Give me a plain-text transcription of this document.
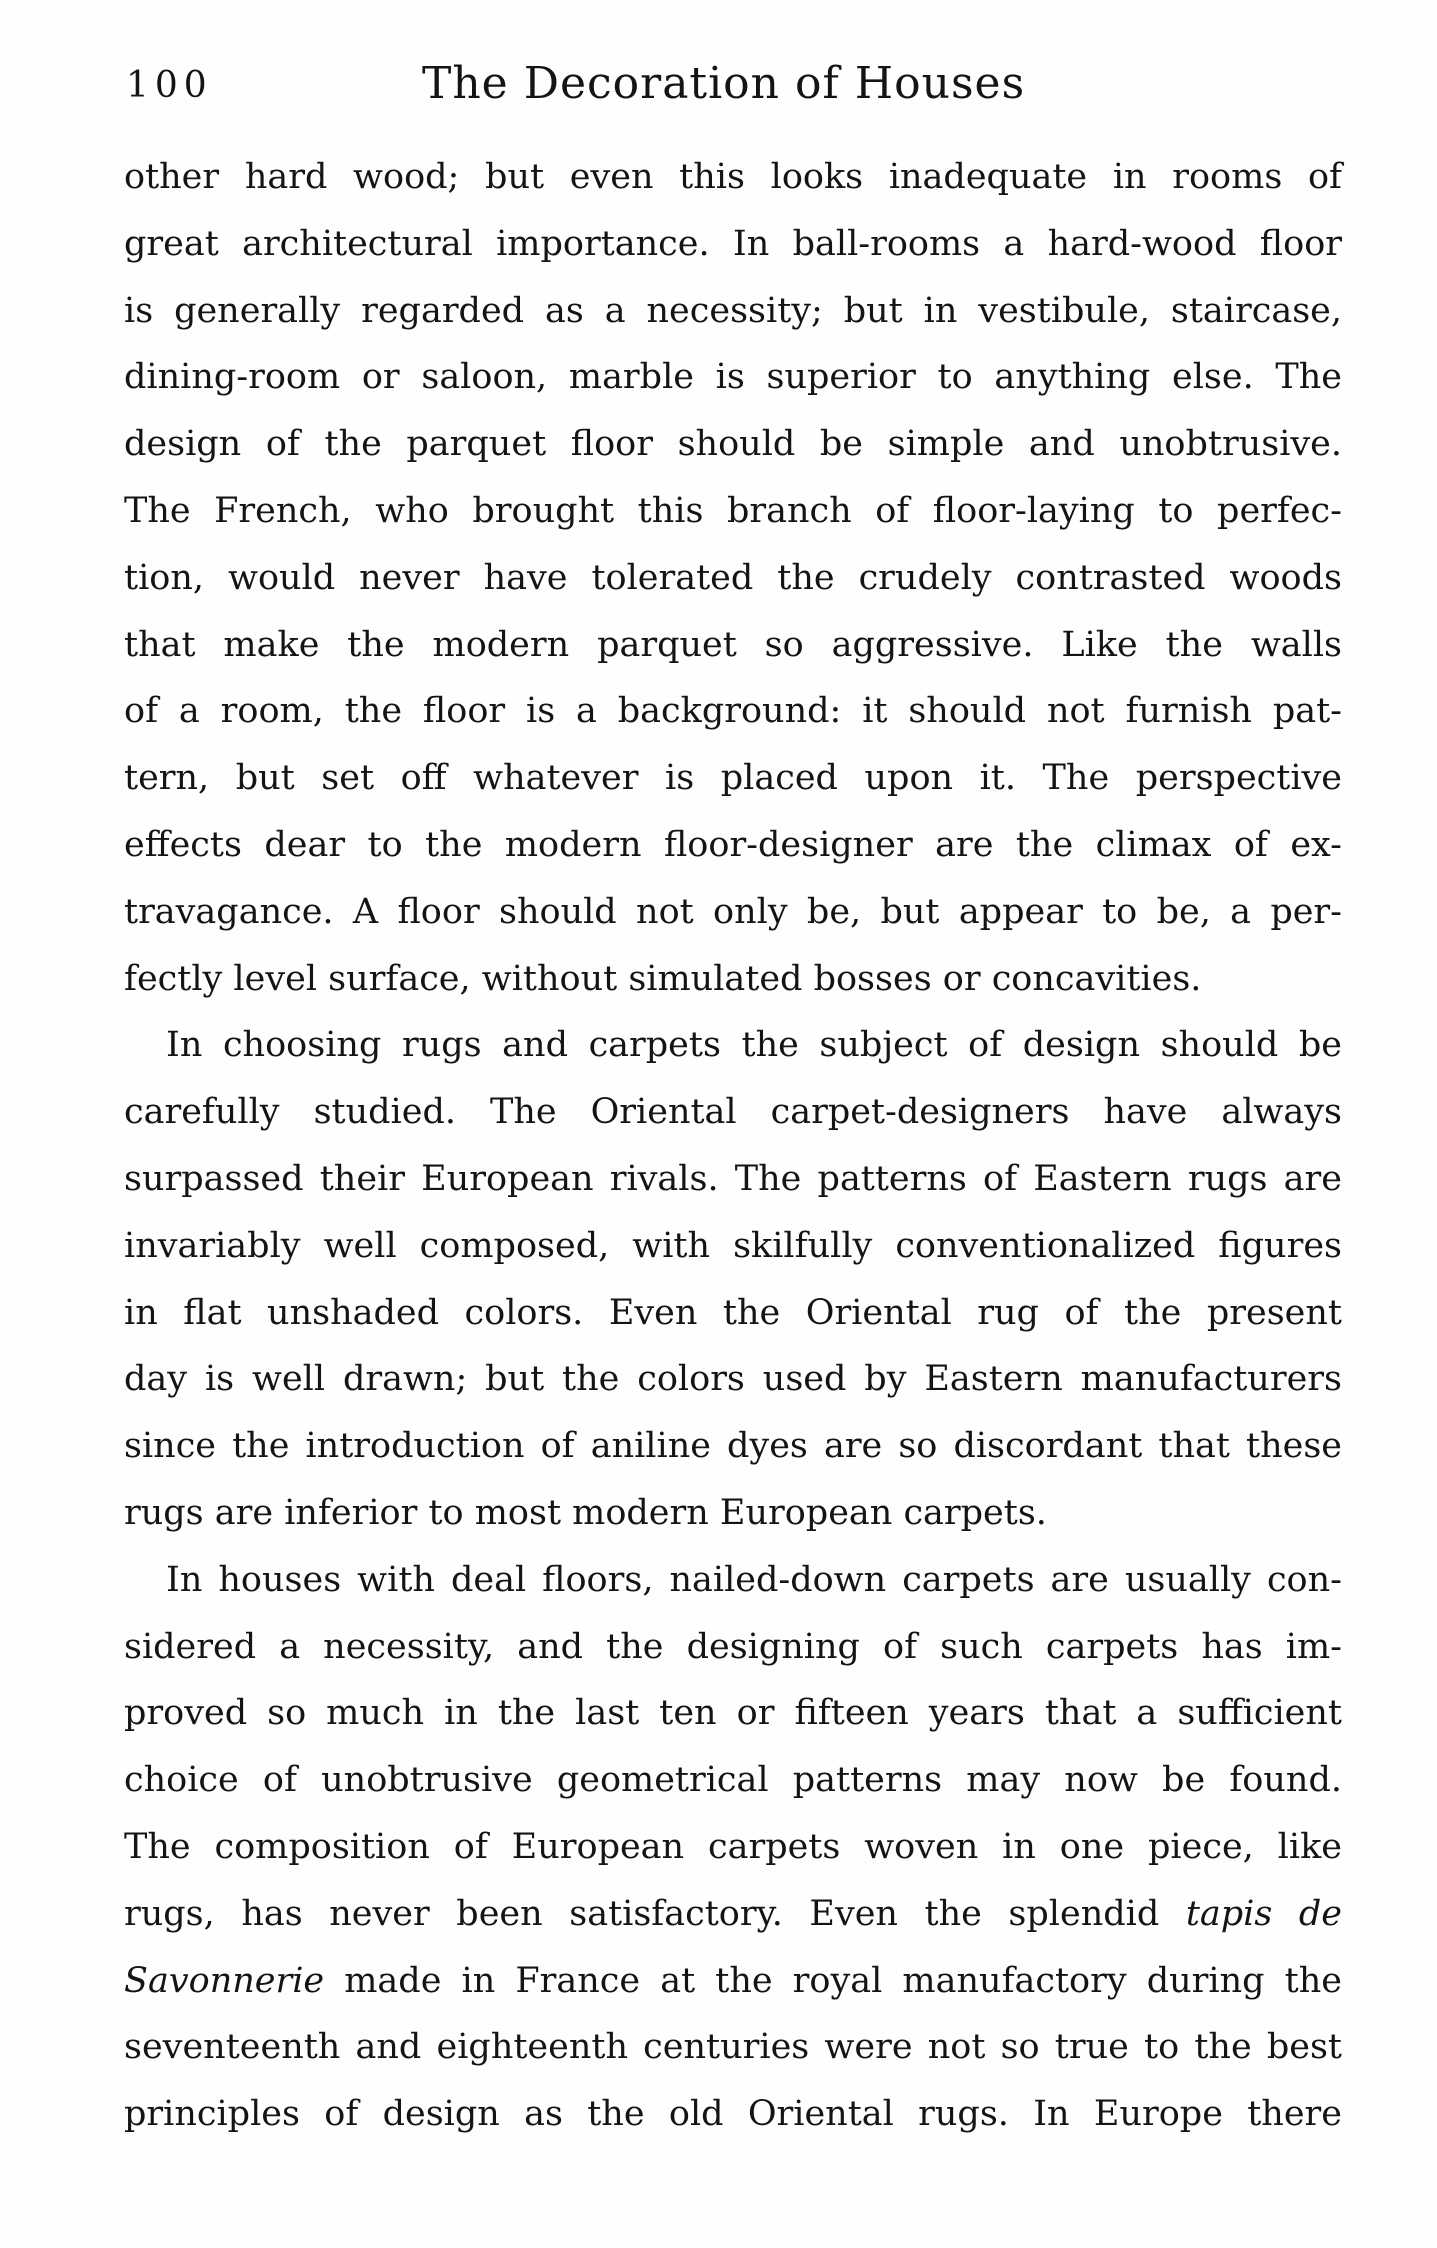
100	The Decoration of Houses
other hard wood; but even this looks inadequate in rooms of
great architectural importance. In ball-rooms a hard-wood floor
is generally regarded as a necessity; but in vestibule, staircase,
dining-room or saloon, marble is superior to anything else. The
design of the parquet floor should be simple and unobtrusive.
The French, who brought this branch of floor-laying to perfec-
tion, would never have tolerated the crudely contrasted woods
that make the modern parquet so aggressive. Like the walls
of a room, the floor is a background: it should not furnish pat-
tern, but set off whatever is placed upon it. The perspective
effects dear to the modern floor-designer are the climax of ex-
travagance. A floor should not only be, but appear to be, a per-
fectly level surface, without simulated bosses or concavities.
In choosing rugs and carpets the subject of design should be
carefully studied. The Oriental carpet-designers have always
surpassed their European rivals. The patterns of Eastern rugs are
invariably well composed, with skilfully conventionalized figures
in flat unshaded colors. Even the Oriental rug of the present
day is well drawn; but the colors used by Eastern manufacturers
since the introduction of aniline dyes are so discordant that these
rugs are inferior to most modern European carpets.
In houses with deal floors, nailed-down carpets are usually con-
sidered a necessity, and the designing of such carpets has im-
proved so much in the last ten or fifteen years that a sufficient
choice of unobtrusive geometrical patterns may now be found.
The composition of European carpets woven in one piece, like
rugs, has never been satisfactory. Even the splendid tapis de
Savonnerie made in France at the royal manufactory during the
seventeenth and eighteenth centuries were not so true to the best
principles of design as the old Oriental rugs. In Europe there
